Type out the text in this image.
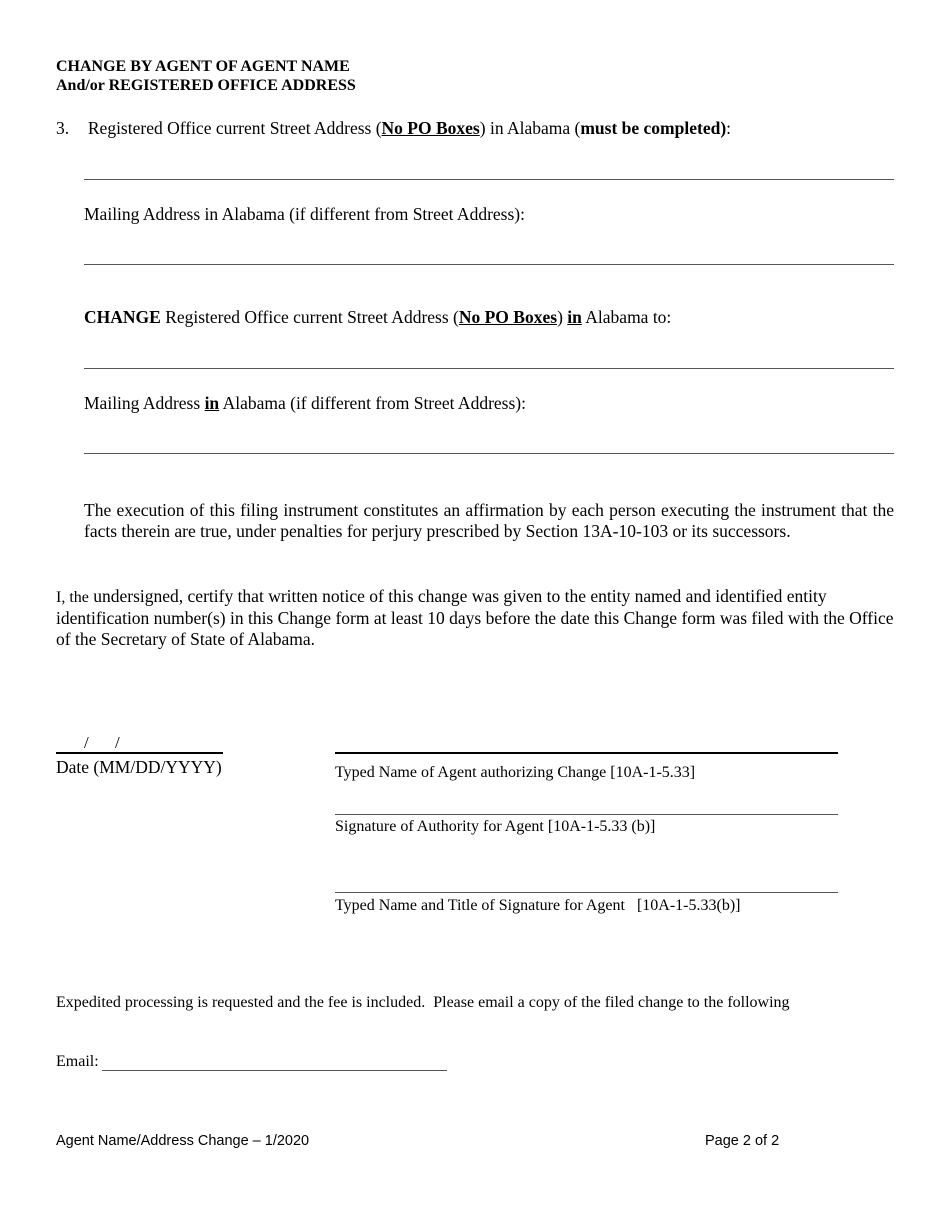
CHANGE BY AGENT OF AGENT NAME
And/or REGISTERED OFFICE ADDRESS
3. Registered Office current Street Address (No PO Boxes) in Alabama (must be completed):
Mailing Address in Alabama (if different from Street Address):
CHANGE Registered Office current Street Address (No PO Boxes) in Alabama to:
Mailing Address in Alabama (if different from Street Address):
The execution of this filing instrument constitutes an affirmation by each person executing the instrument that the facts therein are true, under penalties for perjury prescribed by Section 13A-10-103 or its successors.
I, the undersigned, certify that written notice of this change was given to the entity named and identified entity identification number(s) in this Change form at least 10 days before the date this Change form was filed with the Office of the Secretary of State of Alabama.
/ /
Date (MM/DD/YYYY)	Typed Name of Agent authorizing Change [10A-1-5.33]
Signature of Authority for Agent [10A-1-5.33 (b)]
Typed Name and Title of Signature for Agent   [10A-1-5.33(b)]
Expedited processing is requested and the fee is included.  Please email a copy of the filed change to the following
Email:
Agent Name/Address Change – 1/2020	Page 2 of 2
